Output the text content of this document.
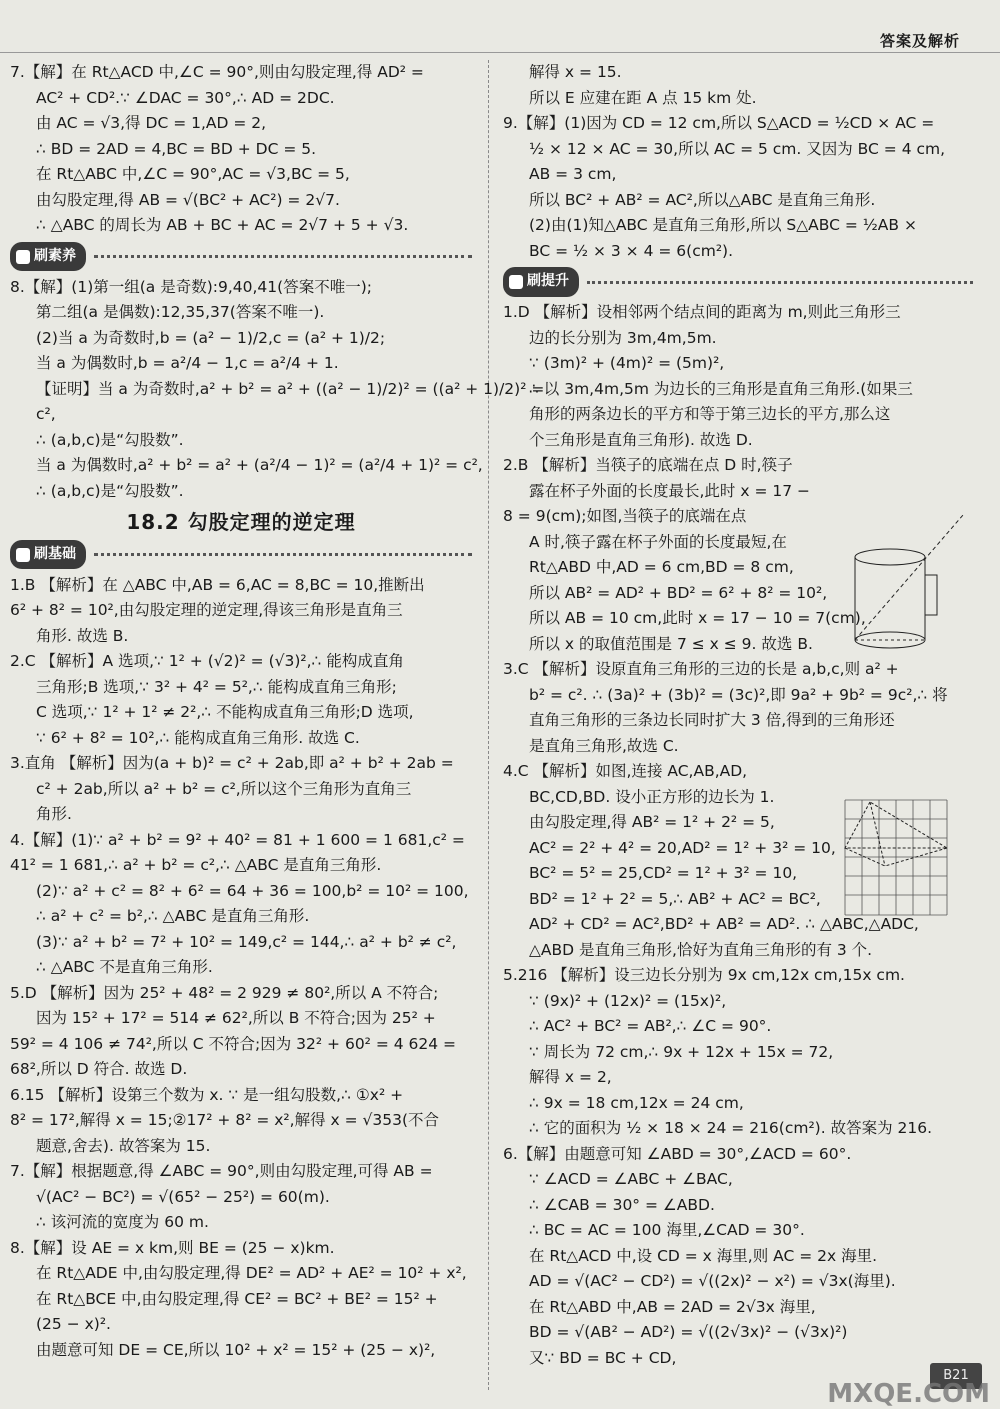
答案及解析

7.【解】在 Rt△ACD 中,∠C = 90°,则由勾股定理,得 AD² =

AC² + CD².∵ ∠DAC = 30°,∴ AD = 2DC.

由 AC = √3,得 DC = 1,AD = 2,

∴ BD = 2AD = 4,BC = BD + DC = 5.

在 Rt△ABC 中,∠C = 90°,AC = √3,BC = 5,

由勾股定理,得 AB = √(BC² + AC²) = 2√7.

∴ △ABC 的周长为 AB + BC + AC = 2√7 + 5 + √3.

刷素养

8.【解】(1)第一组(a 是奇数):9,40,41(答案不唯一);

第二组(a 是偶数):12,35,37(答案不唯一).

(2)当 a 为奇数时,b = (a² − 1)/2,c = (a² + 1)/2;

当 a 为偶数时,b = a²/4 − 1,c = a²/4 + 1.

【证明】当 a 为奇数时,a² + b² = a² + ((a² − 1)/2)² = ((a² + 1)/2)² =

c²,

∴ (a,b,c)是“勾股数”.

当 a 为偶数时,a² + b² = a² + (a²/4 − 1)² = (a²/4 + 1)² = c²,

∴ (a,b,c)是“勾股数”.

18.2 勾股定理的逆定理
刷基础

1.B 【解析】在 △ABC 中,AB = 6,AC = 8,BC = 10,推断出

6² + 8² = 10²,由勾股定理的逆定理,得该三角形是直角三

角形. 故选 B.

2.C 【解析】A 选项,∵ 1² + (√2)² = (√3)²,∴ 能构成直角

三角形;B 选项,∵ 3² + 4² = 5²,∴ 能构成直角三角形;

C 选项,∵ 1² + 1² ≠ 2²,∴ 不能构成直角三角形;D 选项,

∵ 6² + 8² = 10²,∴ 能构成直角三角形. 故选 C.

3.直角 【解析】因为(a + b)² = c² + 2ab,即 a² + b² + 2ab =

c² + 2ab,所以 a² + b² = c²,所以这个三角形为直角三

角形.

4.【解】(1)∵ a² + b² = 9² + 40² = 81 + 1 600 = 1 681,c² =

41² = 1 681,∴ a² + b² = c²,∴ △ABC 是直角三角形.

(2)∵ a² + c² = 8² + 6² = 64 + 36 = 100,b² = 10² = 100,

∴ a² + c² = b²,∴ △ABC 是直角三角形.

(3)∵ a² + b² = 7² + 10² = 149,c² = 144,∴ a² + b² ≠ c²,

∴ △ABC 不是直角三角形.

5.D 【解析】因为 25² + 48² = 2 929 ≠ 80²,所以 A 不符合;

因为 15² + 17² = 514 ≠ 62²,所以 B 不符合;因为 25² +

59² = 4 106 ≠ 74²,所以 C 不符合;因为 32² + 60² = 4 624 =

68²,所以 D 符合. 故选 D.

6.15 【解析】设第三个数为 x. ∵ 是一组勾股数,∴ ①x² +

8² = 17²,解得 x = 15;②17² + 8² = x²,解得 x = √353(不合

题意,舍去). 故答案为 15.

7.【解】根据题意,得 ∠ABC = 90°,则由勾股定理,可得 AB =

√(AC² − BC²) = √(65² − 25²) = 60(m).

∴ 该河流的宽度为 60 m.

8.【解】设 AE = x km,则 BE = (25 − x)km.

在 Rt△ADE 中,由勾股定理,得 DE² = AD² + AE² = 10² + x²,

在 Rt△BCE 中,由勾股定理,得 CE² = BC² + BE² = 15² +

(25 − x)².

由题意可知 DE = CE,所以 10² + x² = 15² + (25 − x)²,

解得 x = 15.

所以 E 应建在距 A 点 15 km 处.

9.【解】(1)因为 CD = 12 cm,所以 S△ACD = ½CD × AC =

½ × 12 × AC = 30,所以 AC = 5 cm. 又因为 BC = 4 cm,

AB = 3 cm,

所以 BC² + AB² = AC²,所以△ABC 是直角三角形.

(2)由(1)知△ABC 是直角三角形,所以 S△ABC = ½AB ×

BC = ½ × 3 × 4 = 6(cm²).

刷提升

1.D 【解析】设相邻两个结点间的距离为 m,则此三角形三

边的长分别为 3m,4m,5m.

∵ (3m)² + (4m)² = (5m)²,

∴ 以 3m,4m,5m 为边长的三角形是直角三角形.(如果三

角形的两条边长的平方和等于第三边长的平方,那么这

个三角形是直角三角形). 故选 D.

2.B 【解析】当筷子的底端在点 D 时,筷子

露在杯子外面的长度最长,此时 x = 17 −

8 = 9(cm);如图,当筷子的底端在点

A 时,筷子露在杯子外面的长度最短,在

Rt△ABD 中,AD = 6 cm,BD = 8 cm,

所以 AB² = AD² + BD² = 6² + 8² = 10²,

所以 AB = 10 cm,此时 x = 17 − 10 = 7(cm),

所以 x 的取值范围是 7 ≤ x ≤ 9. 故选 B.

3.C 【解析】设原直角三角形的三边的长是 a,b,c,则 a² +

b² = c². ∴ (3a)² + (3b)² = (3c)²,即 9a² + 9b² = 9c²,∴ 将

直角三角形的三条边长同时扩大 3 倍,得到的三角形还

是直角三角形,故选 C.

4.C 【解析】如图,连接 AC,AB,AD,

BC,CD,BD. 设小正方形的边长为 1.

由勾股定理,得 AB² = 1² + 2² = 5,

AC² = 2² + 4² = 20,AD² = 1² + 3² = 10,

BC² = 5² = 25,CD² = 1² + 3² = 10,

BD² = 1² + 2² = 5,∴ AB² + AC² = BC²,

AD² + CD² = AC²,BD² + AB² = AD². ∴ △ABC,△ADC,

△ABD 是直角三角形,恰好为直角三角形的有 3 个.

5.216 【解析】设三边长分别为 9x cm,12x cm,15x cm.

∵ (9x)² + (12x)² = (15x)²,

∴ AC² + BC² = AB²,∴ ∠C = 90°.

∵ 周长为 72 cm,∴ 9x + 12x + 15x = 72,

解得 x = 2,

∴ 9x = 18 cm,12x = 24 cm,

∴ 它的面积为 ½ × 18 × 24 = 216(cm²). 故答案为 216.

6.【解】由题意可知 ∠ABD = 30°,∠ACD = 60°.

∵ ∠ACD = ∠ABC + ∠BAC,

∴ ∠CAB = 30° = ∠ABD.

∴ BC = AC = 100 海里,∠CAD = 30°.

在 Rt△ACD 中,设 CD = x 海里,则 AC = 2x 海里.

AD = √(AC² − CD²) = √((2x)² − x²) = √3x(海里).

在 Rt△ABD 中,AB = 2AD = 2√3x 海里,

BD = √(AB² − AD²) = √((2√3x)² − (√3x)²)

又∵ BD = BC + CD,

B21
MXQE.COM
